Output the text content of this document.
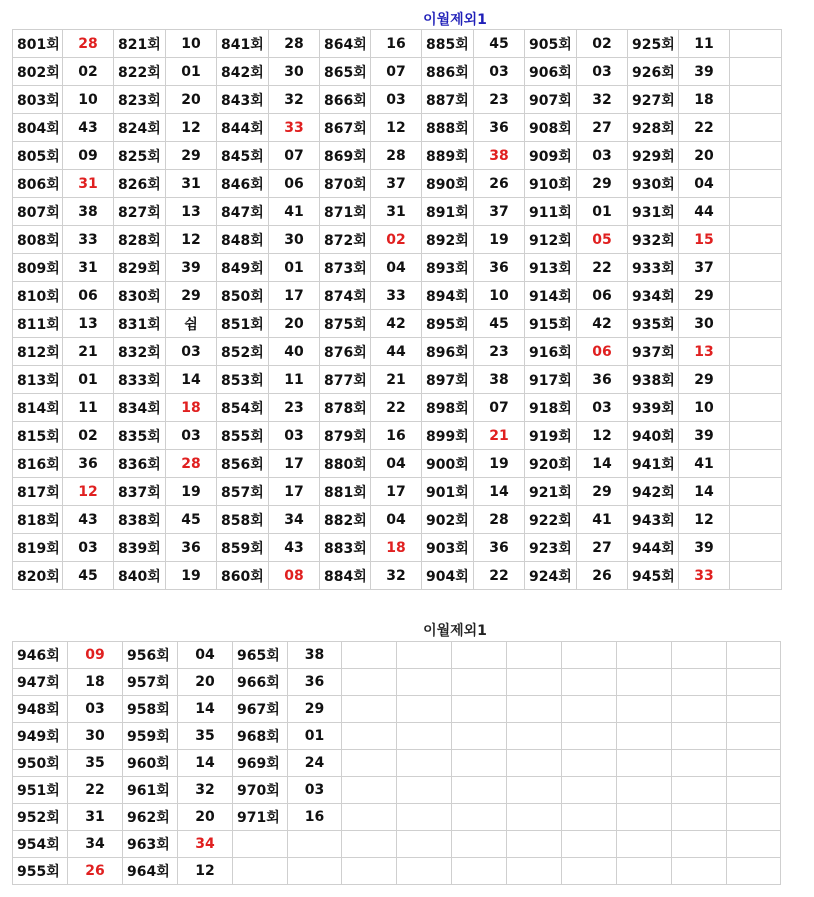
이월제외1
801회	28	821회	10	841회	28	864회	16	885회	45	905회	02	925회	11	
802회	02	822회	01	842회	30	865회	07	886회	03	906회	03	926회	39	
803회	10	823회	20	843회	32	866회	03	887회	23	907회	32	927회	18	
804회	43	824회	12	844회	33	867회	12	888회	36	908회	27	928회	22	
805회	09	825회	29	845회	07	869회	28	889회	38	909회	03	929회	20	
806회	31	826회	31	846회	06	870회	37	890회	26	910회	29	930회	04	
807회	38	827회	13	847회	41	871회	31	891회	37	911회	01	931회	44	
808회	33	828회	12	848회	30	872회	02	892회	19	912회	05	932회	15	
809회	31	829회	39	849회	01	873회	04	893회	36	913회	22	933회	37	
810회	06	830회	29	850회	17	874회	33	894회	10	914회	06	934회	29	
811회	13	831회	쉼	851회	20	875회	42	895회	45	915회	42	935회	30	
812회	21	832회	03	852회	40	876회	44	896회	23	916회	06	937회	13	
813회	01	833회	14	853회	11	877회	21	897회	38	917회	36	938회	29	
814회	11	834회	18	854회	23	878회	22	898회	07	918회	03	939회	10	
815회	02	835회	03	855회	03	879회	16	899회	21	919회	12	940회	39	
816회	36	836회	28	856회	17	880회	04	900회	19	920회	14	941회	41	
817회	12	837회	19	857회	17	881회	17	901회	14	921회	29	942회	14	
818회	43	838회	45	858회	34	882회	04	902회	28	922회	41	943회	12	
819회	03	839회	36	859회	43	883회	18	903회	36	923회	27	944회	39	
820회	45	840회	19	860회	08	884회	32	904회	22	924회	26	945회	33	
이월제외1
946회	09	956회	04	965회	38								
947회	18	957회	20	966회	36								
948회	03	958회	14	967회	29								
949회	30	959회	35	968회	01								
950회	35	960회	14	969회	24								
951회	22	961회	32	970회	03								
952회	31	962회	20	971회	16								
954회	34	963회	34										
955회	26	964회	12										
